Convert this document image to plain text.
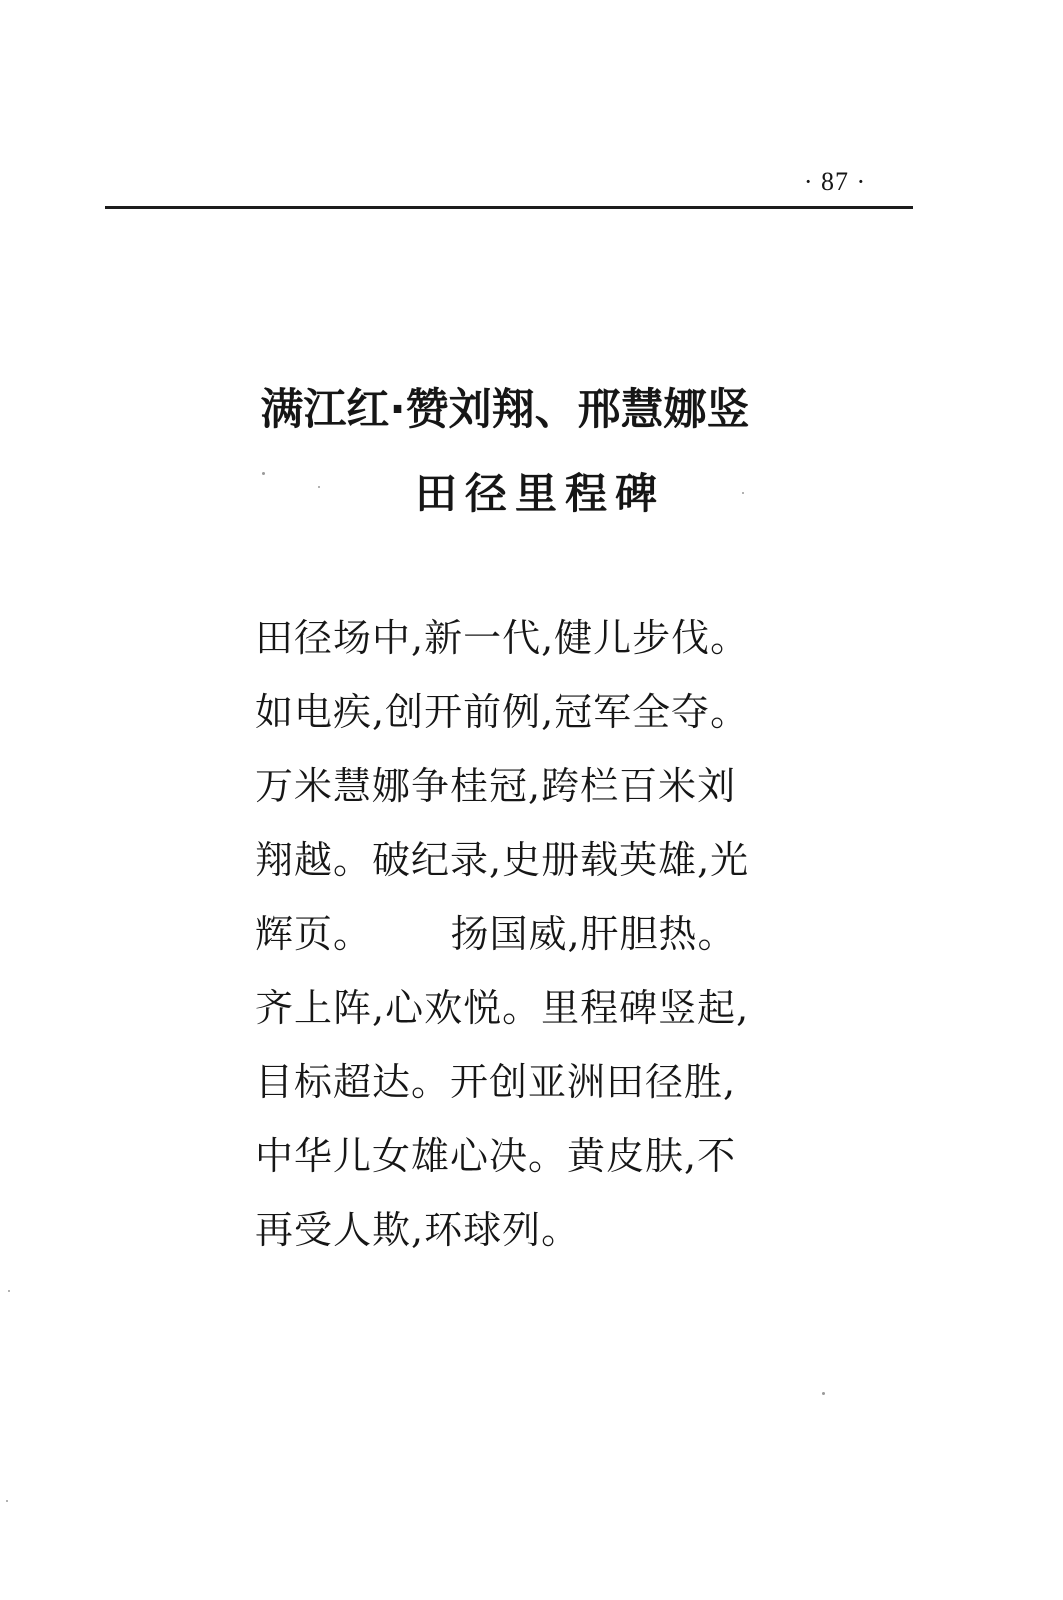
· 87 ·
满江红·赞刘翔、邢慧娜竖
田径里程碑
田径场中,新一代,健儿步伐。
如电疾,创开前例,冠军全夺。
万米慧娜争桂冠,跨栏百米刘
翔越。破纪录,史册载英雄,光
辉页。      扬国威,肝胆热。
齐上阵,心欢悦。里程碑竖起,
目标超达。开创亚洲田径胜,
中华儿女雄心决。黄皮肤,不
再受人欺,环球列。
